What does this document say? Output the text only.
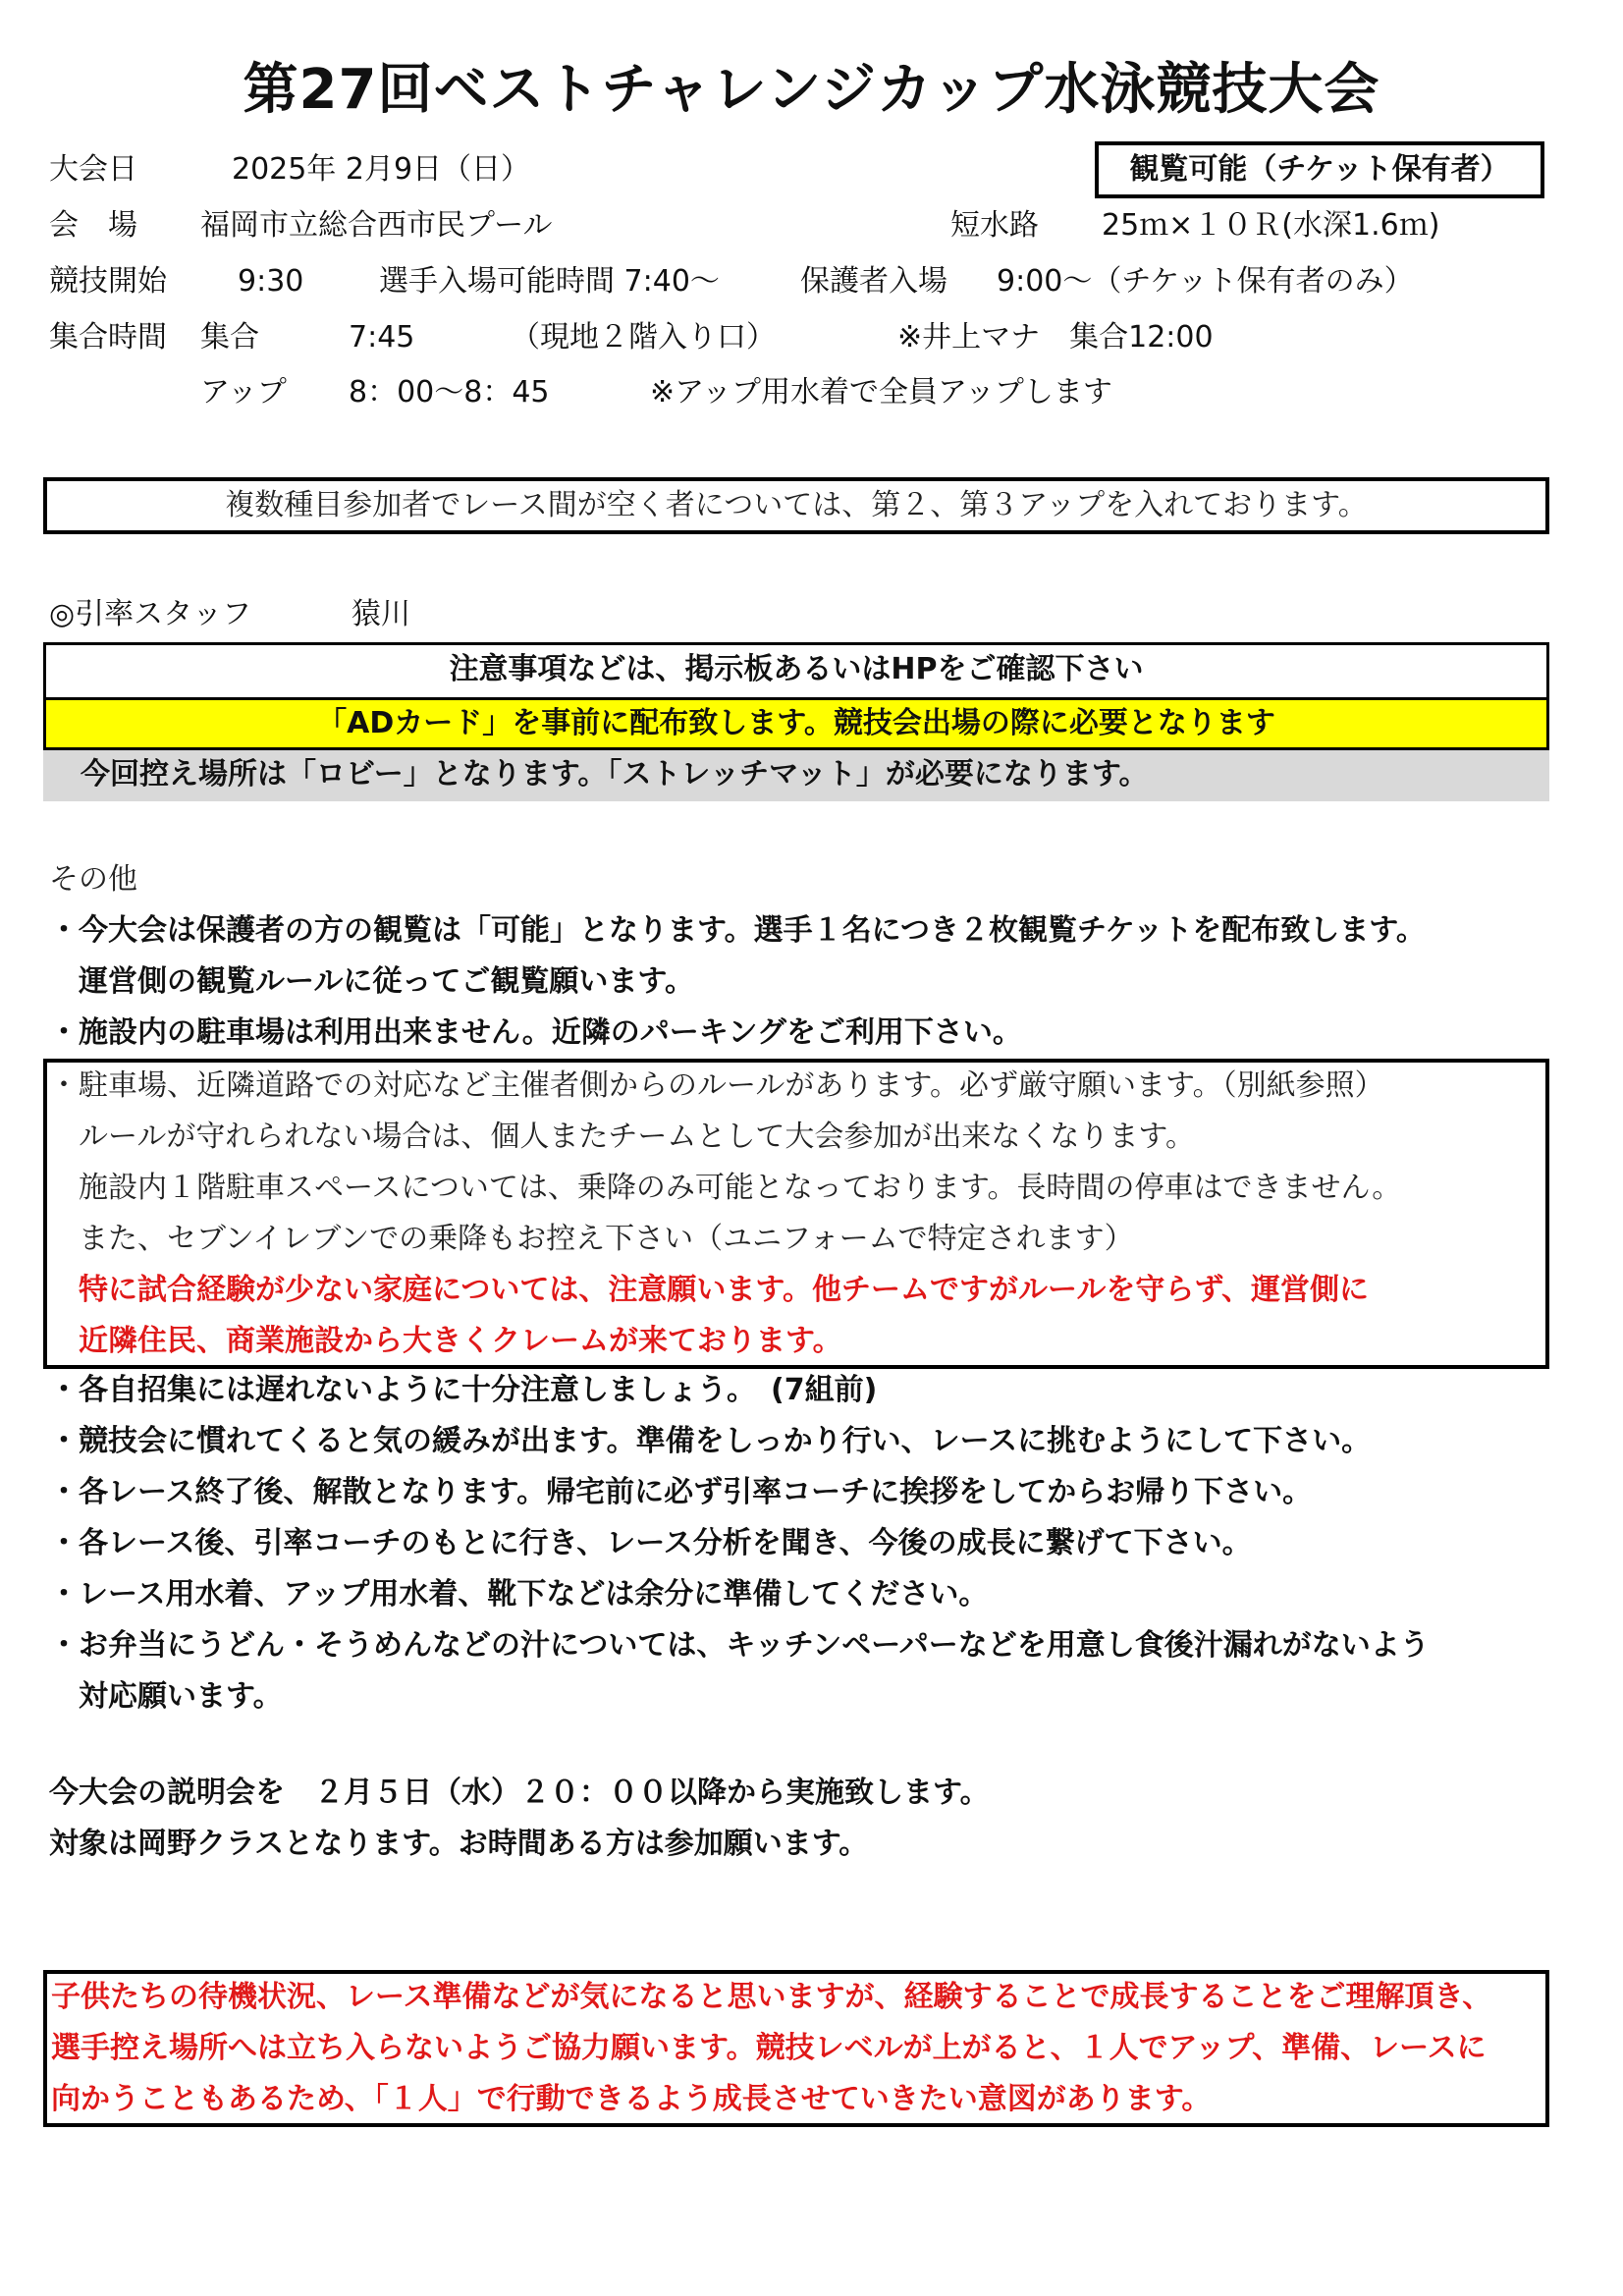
第27回ベストチャレンジカップ水泳競技大会
大会日	2025年 2月9日（日）	観覧可能（チケット保有者）
会　場 福岡市立総合西市民プール	短水路 25ｍ×１０Ｒ(水深1.6ｍ)
競技開始 9:30	選手入場可能時間 7:40～	保護者入場 9:00～（チケット保有者のみ）
集合時間 集合	7:45	（現地２階入り口）	※井上マナ　集合12:00
アップ 8：00～8：45	※アップ用水着で全員アップします
複数種目参加者でレース間が空く者については、第２、第３アップを入れております。
◎引率スタッフ	猿川
注意事項などは、掲示板あるいはHPをご確認下さい
「ADカード」を事前に配布致します。競技会出場の際に必要となります
今回控え場所は「ロビー」となります。「ストレッチマット」が必要になります。
その他
・今大会は保護者の方の観覧は「可能」となります。選手１名につき２枚観覧チケットを配布致します。
　運営側の観覧ルールに従ってご観覧願います。
・施設内の駐車場は利用出来ません。近隣のパーキングをご利用下さい。
・駐車場、近隣道路での対応など主催者側からのルールがあります。必ず厳守願います。（別紙参照）
　ルールが守れられない場合は、個人またチームとして大会参加が出来なくなります。
　施設内１階駐車スペースについては、乗降のみ可能となっております。長時間の停車はできません。
　また、セブンイレブンでの乗降もお控え下さい（ユニフォームで特定されます）
　特に試合経験が少ない家庭については、注意願います。他チームですがルールを守らず、運営側に
　近隣住民、商業施設から大きくクレームが来ております。
・各自招集には遅れないように十分注意しましょう。　(7組前)
・競技会に慣れてくると気の緩みが出ます。準備をしっかり行い、レースに挑むようにして下さい。
・各レース終了後、解散となります。帰宅前に必ず引率コーチに挨拶をしてからお帰り下さい。
・各レース後、引率コーチのもとに行き、レース分析を聞き、今後の成長に繋げて下さい。
・レース用水着、アップ用水着、靴下などは余分に準備してください。
・お弁当にうどん・そうめんなどの汁については、キッチンペーパーなどを用意し食後汁漏れがないよう
　対応願います。
今大会の説明会を　２月５日（水）２０：００以降から実施致します。
対象は岡野クラスとなります。お時間ある方は参加願います。
子供たちの待機状況、レース準備などが気になると思いますが、経験することで成長することをご理解頂き、
選手控え場所へは立ち入らないようご協力願います。競技レベルが上がると、１人でアップ、準備、レースに
向かうこともあるため、「１人」で行動できるよう成長させていきたい意図があります。
